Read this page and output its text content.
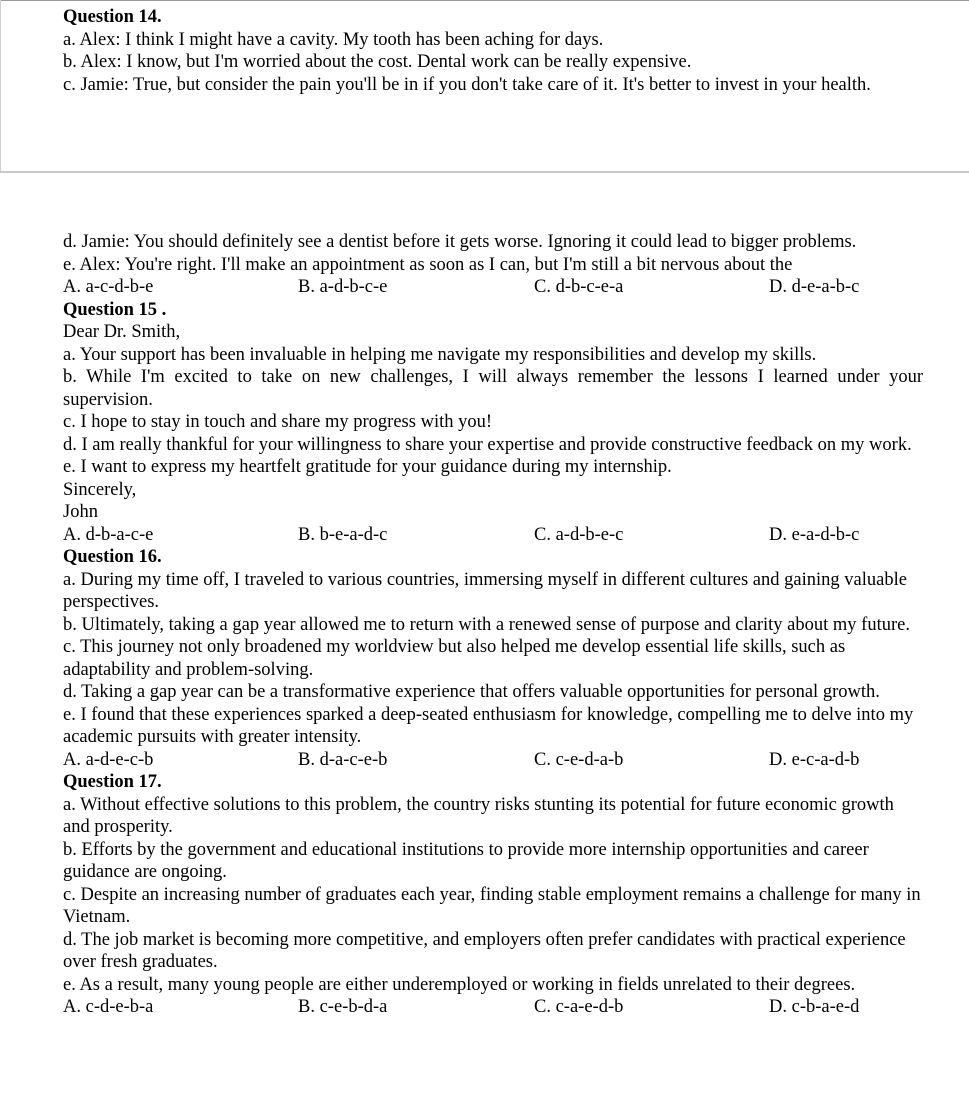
Question 14.
a. Alex: I think I might have a cavity. My tooth has been aching for days.
b. Alex: I know, but I'm worried about the cost. Dental work can be really expensive.
c. Jamie: True, but consider the pain you'll be in if you don't take care of it. It's better to invest in your health.
d. Jamie: You should definitely see a dentist before it gets worse. Ignoring it could lead to bigger problems.
e. Alex: You're right. I'll make an appointment as soon as I can, but I'm still a bit nervous about the
A. a-c-d-b-e	B. a-d-b-c-e	C. d-b-c-e-a	D. d-e-a-b-c
Question 15 .
Dear Dr. Smith,
a. Your support has been invaluable in helping me navigate my responsibilities and develop my skills.
b. While I'm excited to take on new challenges, I will always remember the lessons I learned under your supervision.
c. I hope to stay in touch and share my progress with you!
d. I am really thankful for your willingness to share your expertise and provide constructive feedback on my work.
e. I want to express my heartfelt gratitude for your guidance during my internship.
Sincerely,
John
A. d-b-a-c-e	B. b-e-a-d-c	C. a-d-b-e-c	D. e-a-d-b-c
Question 16.
a. During my time off, I traveled to various countries, immersing myself in different cultures and gaining valuable perspectives.
b. Ultimately, taking a gap year allowed me to return with a renewed sense of purpose and clarity about my future.
c. This journey not only broadened my worldview but also helped me develop essential life skills, such as adaptability and problem-solving.
d. Taking a gap year can be a transformative experience that offers valuable opportunities for personal growth.
e. I found that these experiences sparked a deep-seated enthusiasm for knowledge, compelling me to delve into my academic pursuits with greater intensity.
A. a-d-e-c-b	B. d-a-c-e-b	C. c-e-d-a-b	D. e-c-a-d-b
Question 17.
a. Without effective solutions to this problem, the country risks stunting its potential for future economic growth and prosperity.
b. Efforts by the government and educational institutions to provide more internship opportunities and career guidance are ongoing.
c. Despite an increasing number of graduates each year, finding stable employment remains a challenge for many in Vietnam.
d. The job market is becoming more competitive, and employers often prefer candidates with practical experience over fresh graduates.
e. As a result, many young people are either underemployed or working in fields unrelated to their degrees.
A. c-d-e-b-a	B. c-e-b-d-a	C. c-a-e-d-b	D. c-b-a-e-d
